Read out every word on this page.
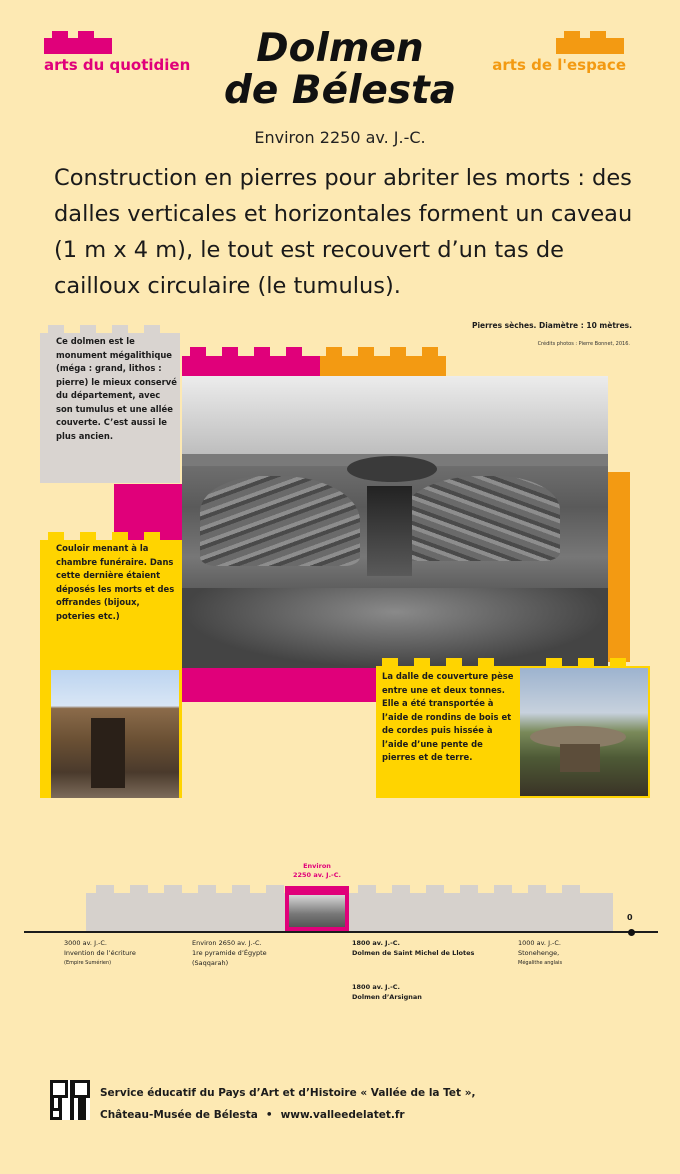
arts du quotidien	arts de l'espace
Dolmen
de Bélesta
Environ 2250 av. J.-C.
Construction en pierres pour abriter les morts : des dalles verticales et horizontales forment un caveau (1 m x 4 m), le tout est recouvert d’un tas de cailloux circulaire (le tumulus).
Pierres sèches. Diamètre : 10 mètres.
Crédits photos : Pierre Bonnet, 2016.
Ce dolmen est le monument mégalithique (méga : grand, lithos : pierre) le mieux conservé du département, avec son tumulus et une allée couverte. C’est aussi le plus ancien.
Couloir menant à la chambre funéraire. Dans cette dernière étaient déposés les morts et des offrandes (bijoux, poteries etc.)
La dalle de couverture pèse entre une et deux tonnes. Elle a été transportée à l’aide de rondins de bois et de cordes puis hissée à l’aide d’une pente de pierres et de terre.
Environ
2250 av. J.-C.
0
3000 av. J.-C.
Invention de l’écriture
(Empire Sumérien)
Environ 2650 av. J.-C.
1re pyramide d’Égypte
(Saqqarah)
1800 av. J.-C.
Dolmen de Saint Michel de Llotes
1800 av. J.-C.
Dolmen d’Arsignan
1000 av. J.-C.
Stonehenge,
Mégalithe anglais
Service éducatif du Pays d’Art et d’Histoire « Vallée de la Tet »,
Château-Musée de Bélesta • www.valleedelatet.fr
